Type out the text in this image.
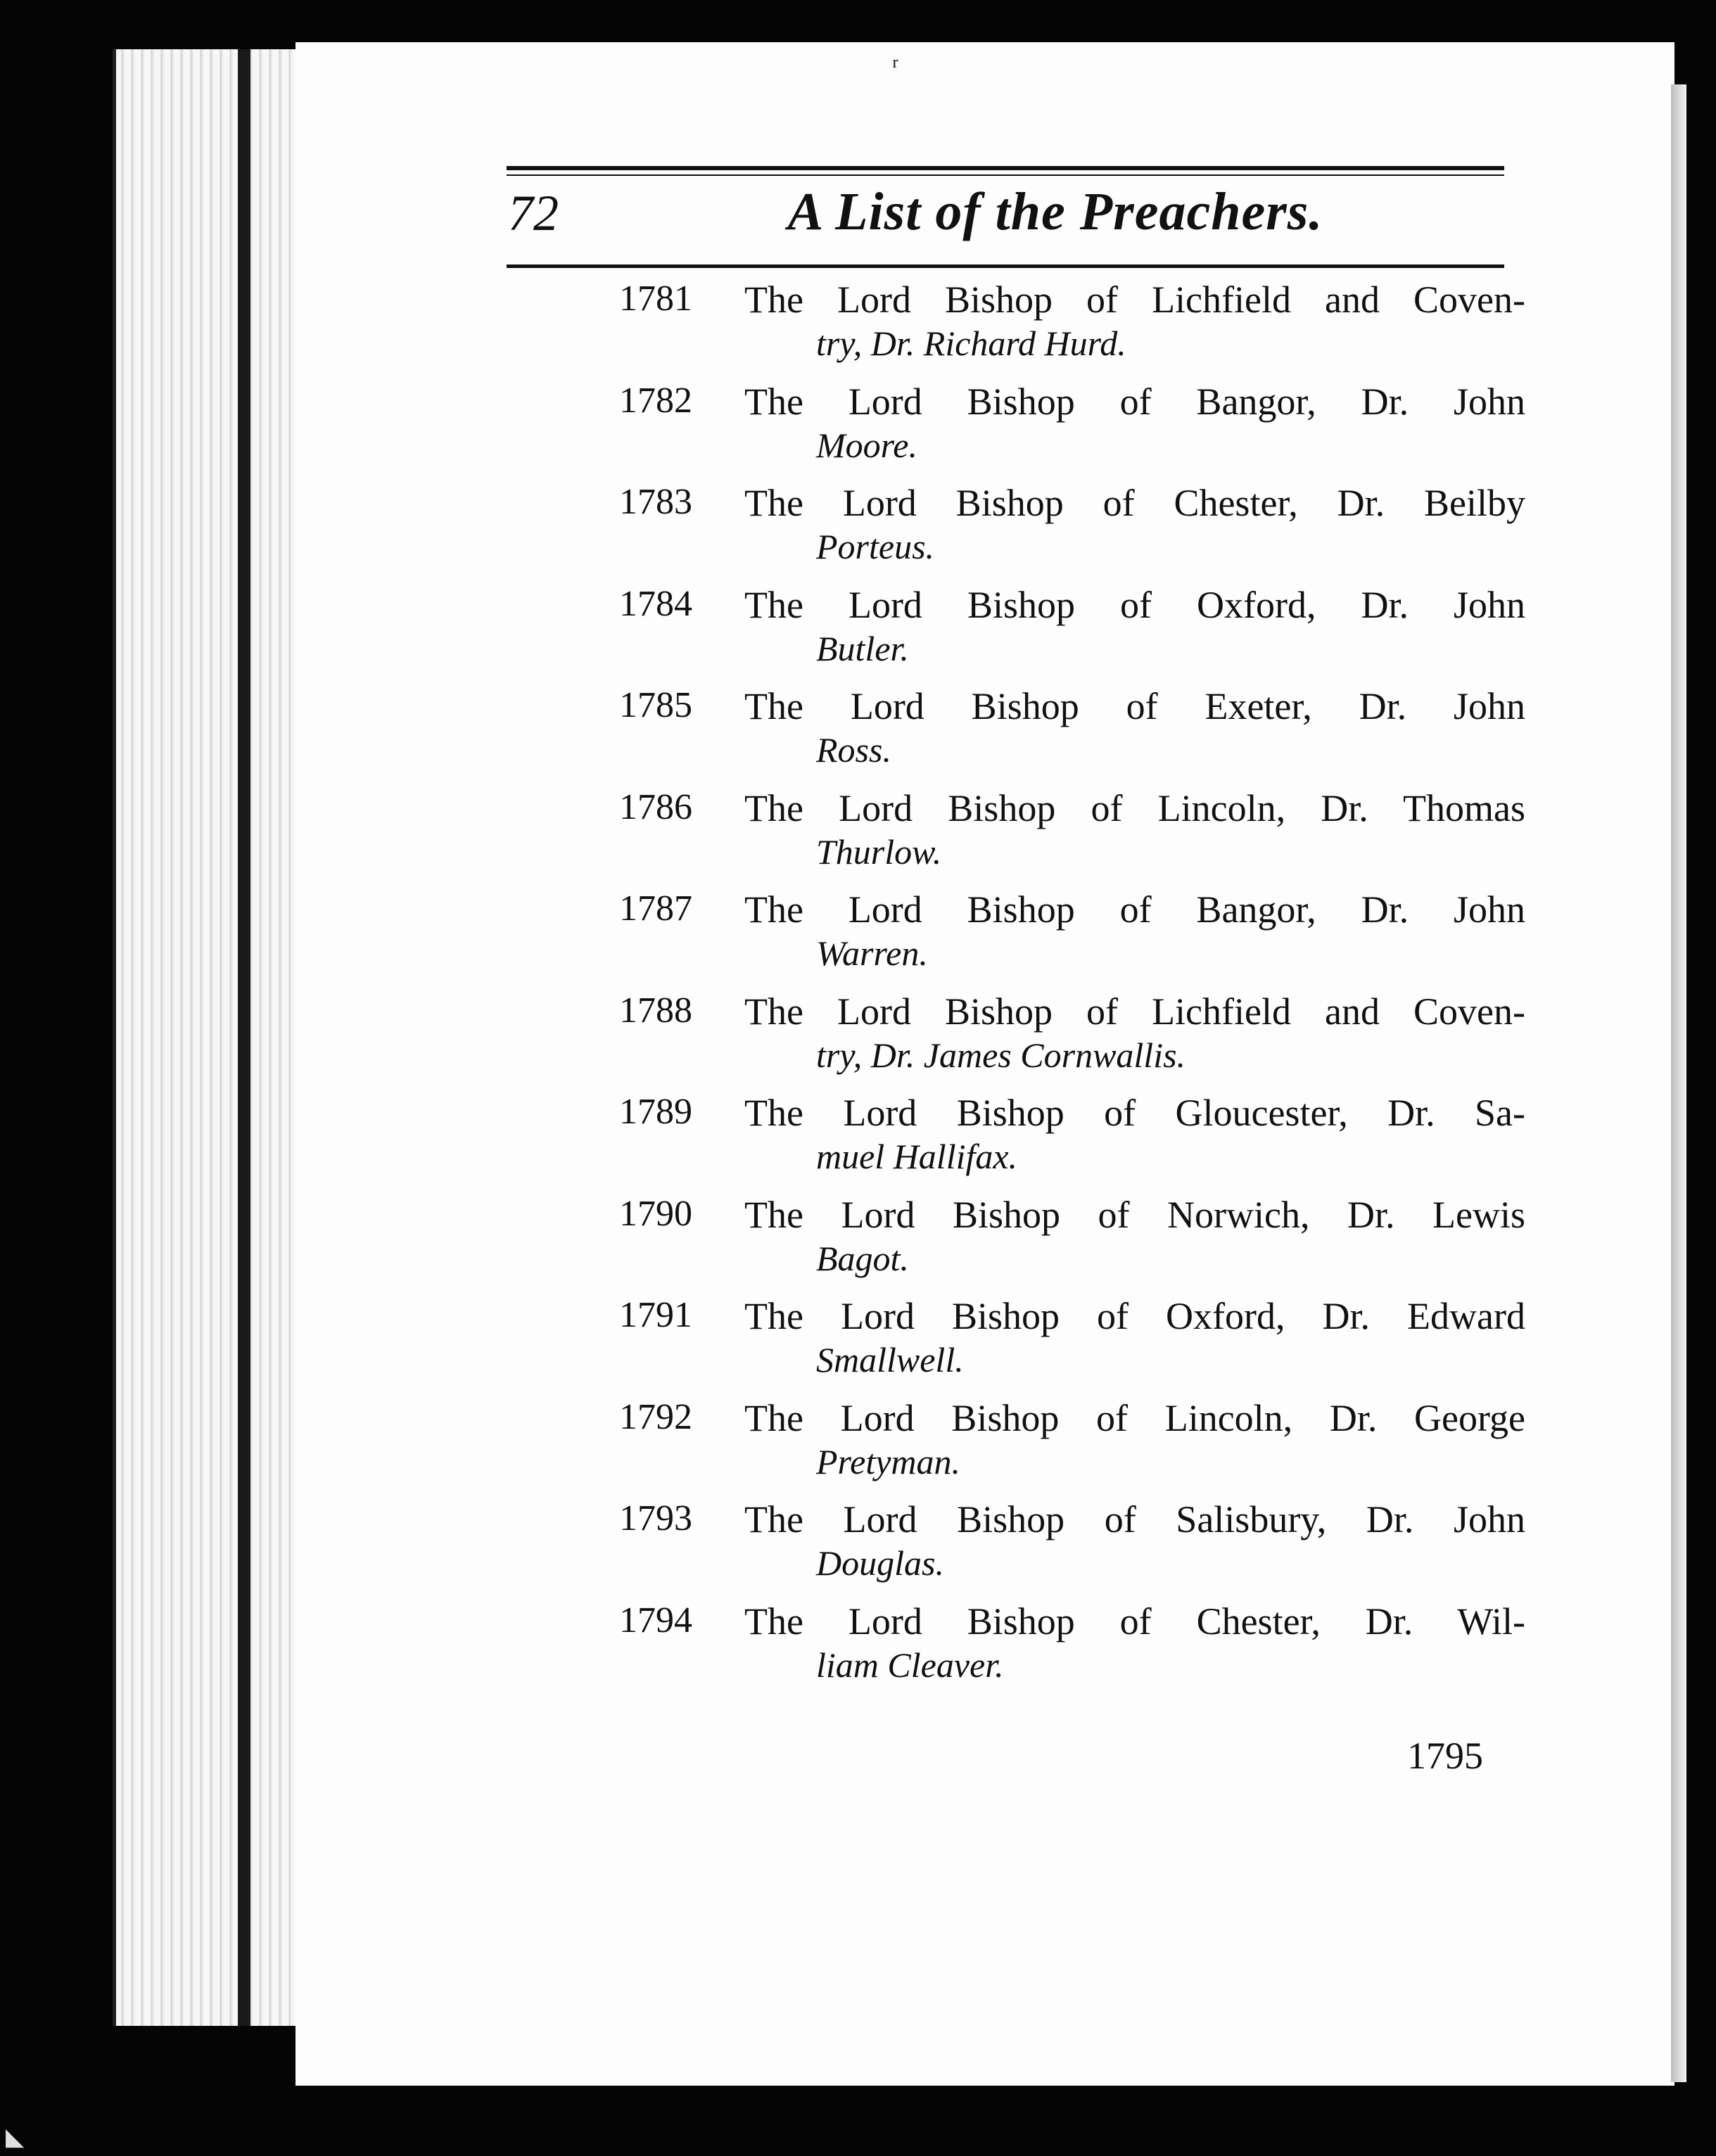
ʳ
◣
72	A List of the Preachers.
1781 The Lord Bishop of Lichfield and Coven-
try, Dr. Richard Hurd.
1782 The Lord Bishop of Bangor, Dr. John
Moore.
1783 The Lord Bishop of Chester, Dr. Beilby
Porteus.
1784 The Lord Bishop of Oxford, Dr. John
Butler.
1785 The Lord Bishop of Exeter, Dr. John
Ross.
1786 The Lord Bishop of Lincoln, Dr. Thomas
Thurlow.
1787 The Lord Bishop of Bangor, Dr. John
Warren.
1788 The Lord Bishop of Lichfield and Coven-
try, Dr. James Cornwallis.
1789 The Lord Bishop of Gloucester, Dr. Sa-
muel Hallifax.
1790 The Lord Bishop of Norwich, Dr. Lewis
Bagot.
1791 The Lord Bishop of Oxford, Dr. Edward
Smallwell.
1792 The Lord Bishop of Lincoln, Dr. George
Pretyman.
1793 The Lord Bishop of Salisbury, Dr. John
Douglas.
1794 The Lord Bishop of Chester, Dr. Wil-
liam Cleaver.
1795
